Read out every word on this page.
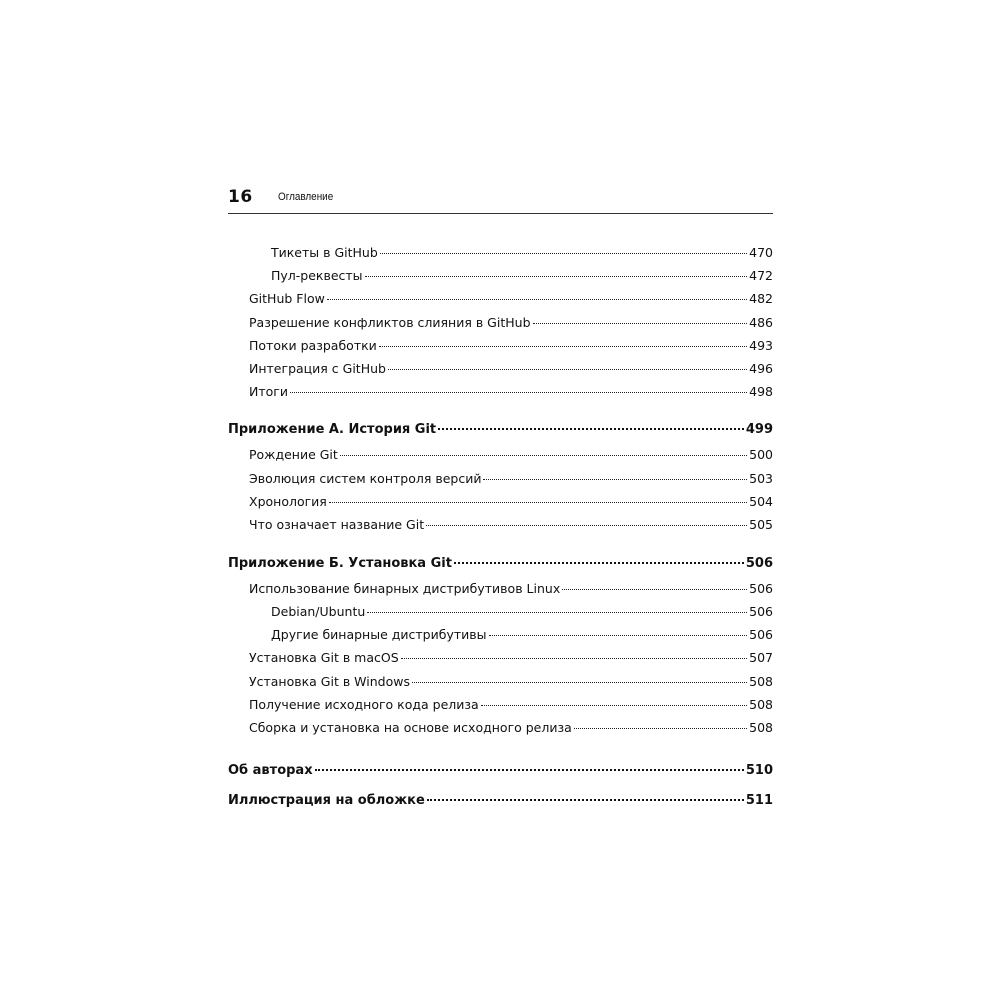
16 Оглавление
Тикеты в GitHub	470
Пул-реквесты	472
GitHub Flow	482
Разрешение конфликтов слияния в GitHub	486
Потоки разработки	493
Интеграция с GitHub	496
Итоги	498
Приложение А. История Git	499
Рождение Git	500
Эволюция систем контроля версий	503
Хронология	504
Что означает название Git	505
Приложение Б. Установка Git	506
Использование бинарных дистрибутивов Linux	506
Debian/Ubuntu	506
Другие бинарные дистрибутивы	506
Установка Git в macOS	507
Установка Git в Windows	508
Получение исходного кода релиза	508
Сборка и установка на основе исходного релиза	508
Об авторах	510
Иллюстрация на обложке	511
